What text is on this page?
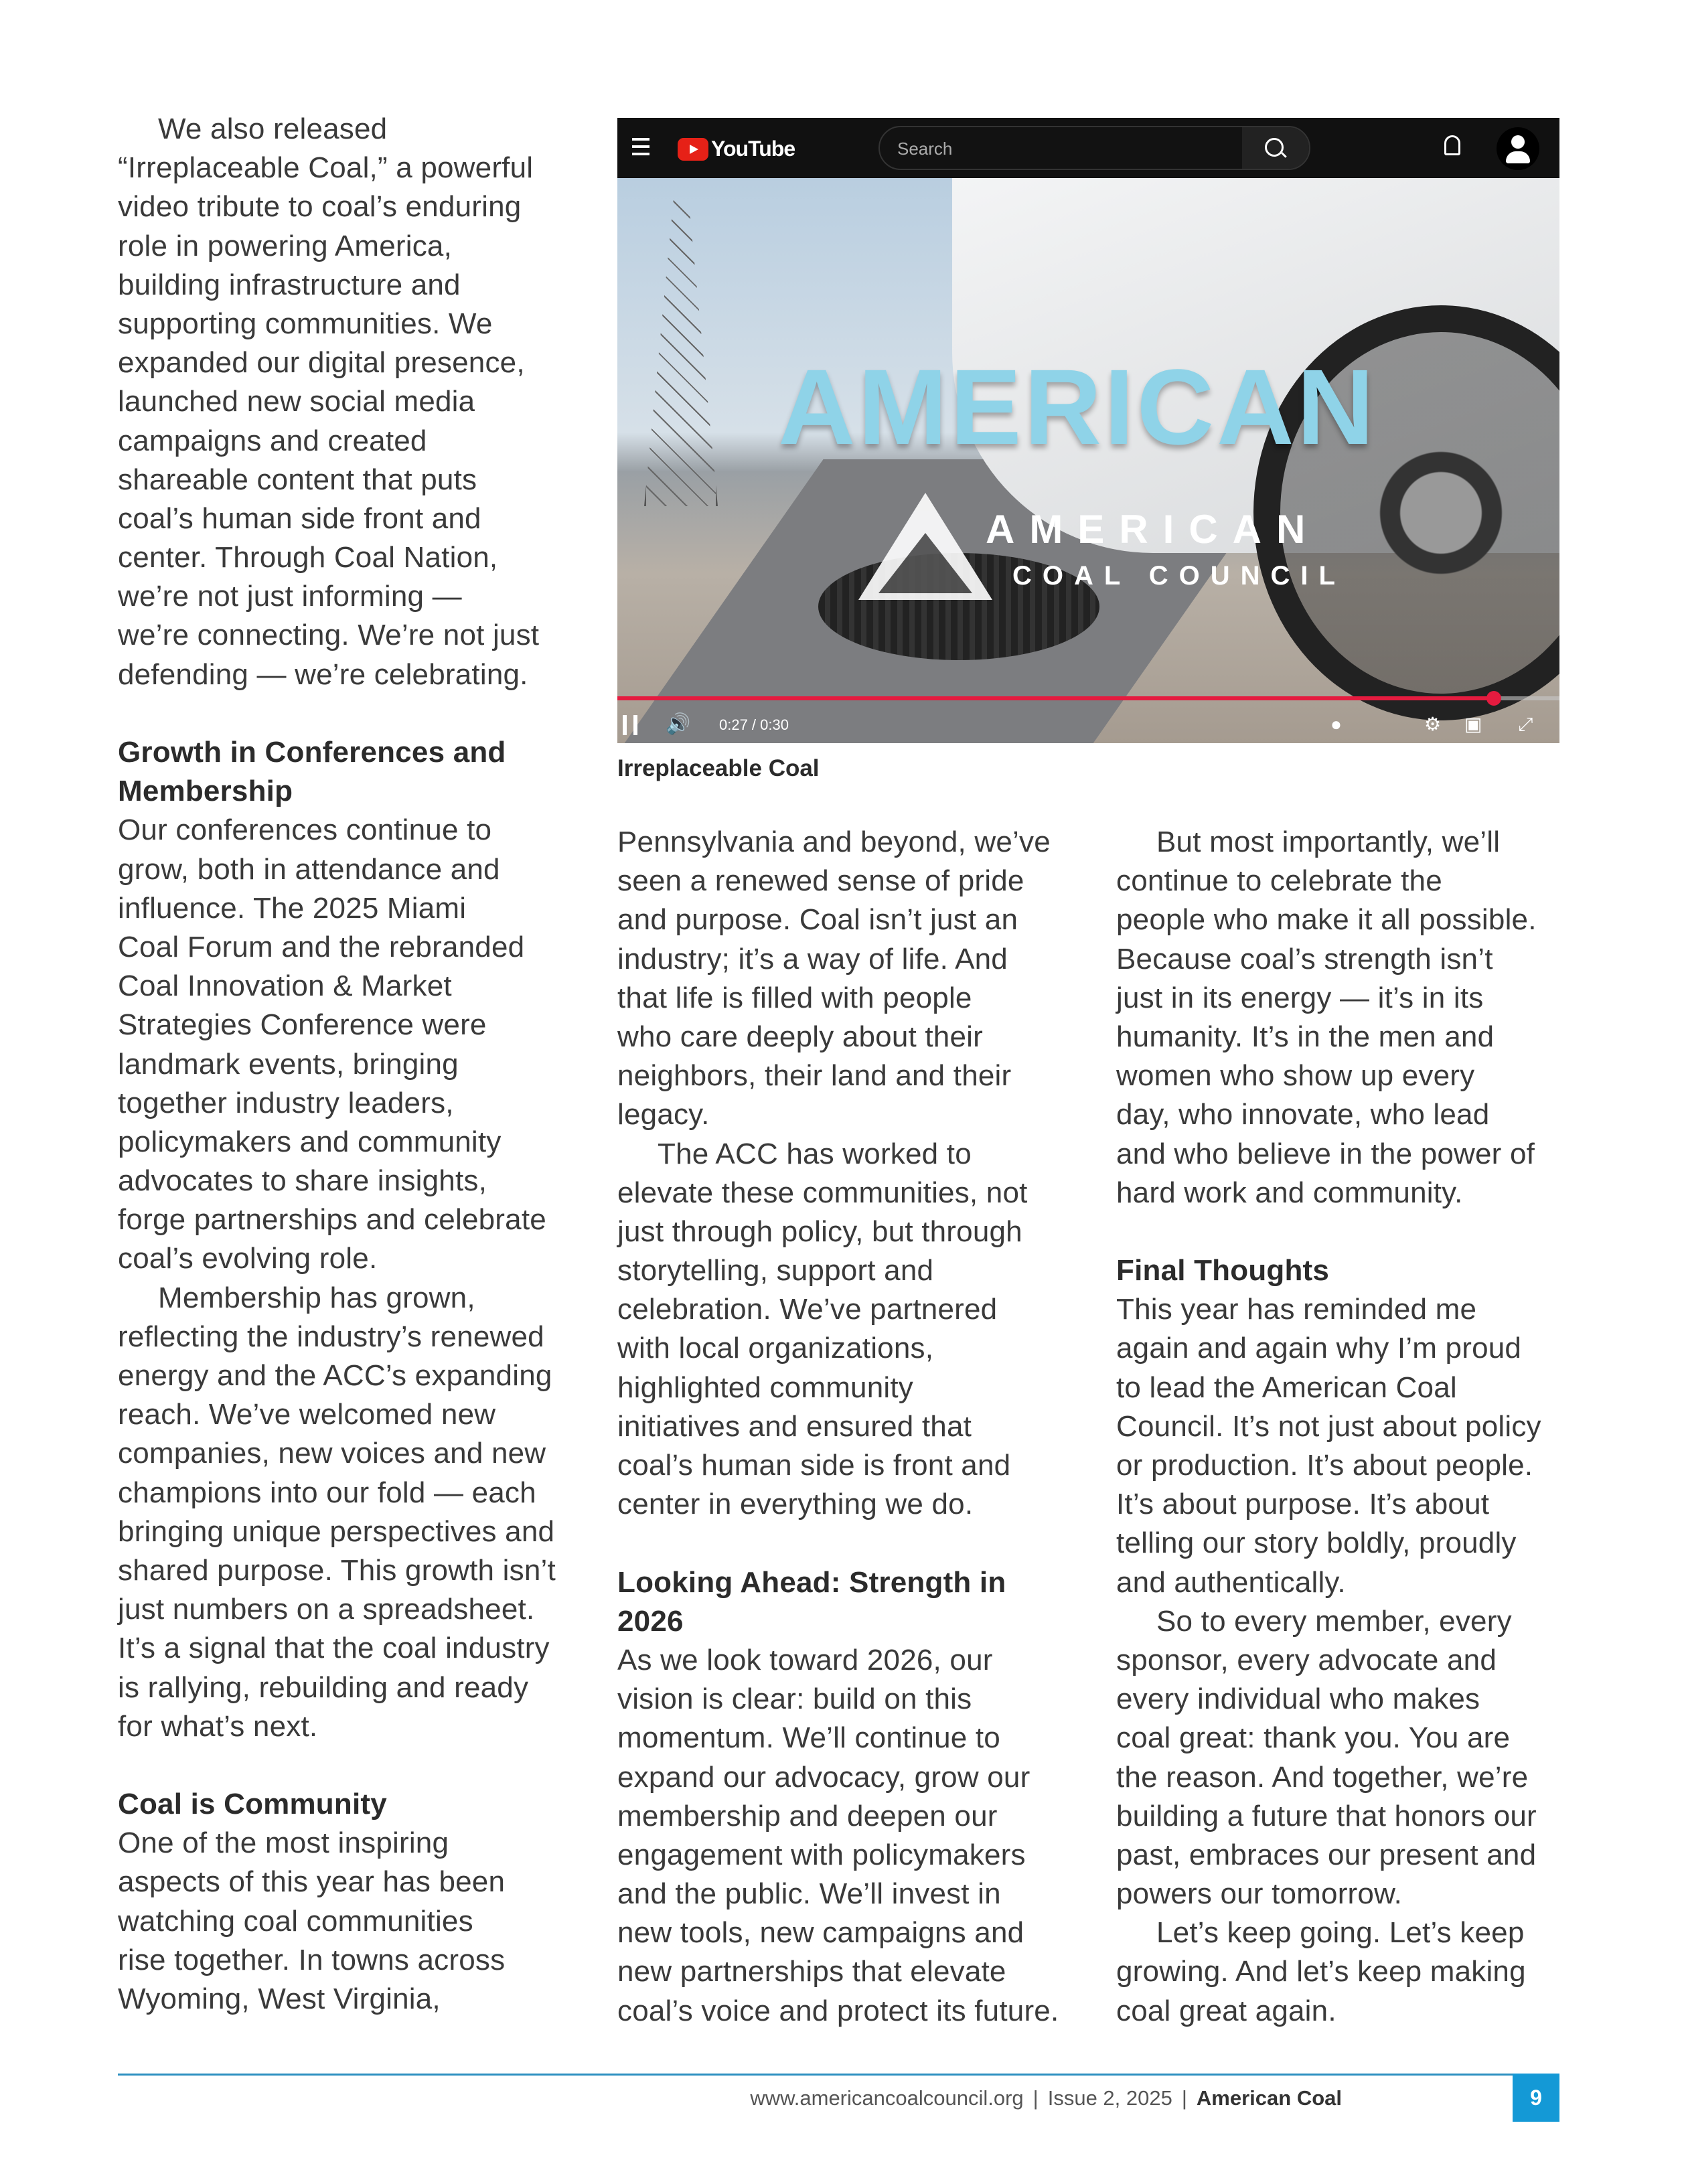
We also released
“Irreplaceable Coal,” a powerful
video tribute to coal’s enduring
role in powering America,
building infrastructure and
supporting communities. We
expanded our digital presence,
launched new social media
campaigns and created
shareable content that puts
coal’s human side front and
center. Through Coal Nation,
we’re not just informing —
we’re connecting. We’re not just
defending — we’re celebrating.
Growth in Conferences and
Membership
Our conferences continue to
grow, both in attendance and
influence. The 2025 Miami
Coal Forum and the rebranded
Coal Innovation & Market
Strategies Conference were
landmark events, bringing
together industry leaders,
policymakers and community
advocates to share insights,
forge partnerships and celebrate
coal’s evolving role.
Membership has grown,
reflecting the industry’s renewed
energy and the ACC’s expanding
reach. We’ve welcomed new
companies, new voices and new
champions into our fold — each
bringing unique perspectives and
shared purpose. This growth isn’t
just numbers on a spreadsheet.
It’s a signal that the coal industry
is rallying, rebuilding and ready
for what’s next.
Coal is Community
One of the most inspiring
aspects of this year has been
watching coal communities
rise together. In towns across
Wyoming, West Virginia,
YouTube	Search
AMERICAN
AMERICAN
COAL COUNCIL
🔊 0:27 / 0:30	●	⚙ ▣ ⤢
Irreplaceable Coal
Pennsylvania and beyond, we’ve
seen a renewed sense of pride
and purpose. Coal isn’t just an
industry; it’s a way of life. And
that life is filled with people
who care deeply about their
neighbors, their land and their
legacy.
The ACC has worked to
elevate these communities, not
just through policy, but through
storytelling, support and
celebration. We’ve partnered
with local organizations,
highlighted community
initiatives and ensured that
coal’s human side is front and
center in everything we do.
Looking Ahead: Strength in
2026
As we look toward 2026, our
vision is clear: build on this
momentum. We’ll continue to
expand our advocacy, grow our
membership and deepen our
engagement with policymakers
and the public. We’ll invest in
new tools, new campaigns and
new partnerships that elevate
coal’s voice and protect its future.
But most importantly, we’ll
continue to celebrate the
people who make it all possible.
Because coal’s strength isn’t
just in its energy — it’s in its
humanity. It’s in the men and
women who show up every
day, who innovate, who lead
and who believe in the power of
hard work and community.
Final Thoughts
This year has reminded me
again and again why I’m proud
to lead the American Coal
Council. It’s not just about policy
or production. It’s about people.
It’s about purpose. It’s about
telling our story boldly, proudly
and authentically.
So to every member, every
sponsor, every advocate and
every individual who makes
coal great: thank you. You are
the reason. And together, we’re
building a future that honors our
past, embraces our present and
powers our tomorrow.
Let’s keep going. Let’s keep
growing. And let’s keep making
coal great again.
www.americancoalcouncil.org | Issue 2, 2025 | American Coal	9
